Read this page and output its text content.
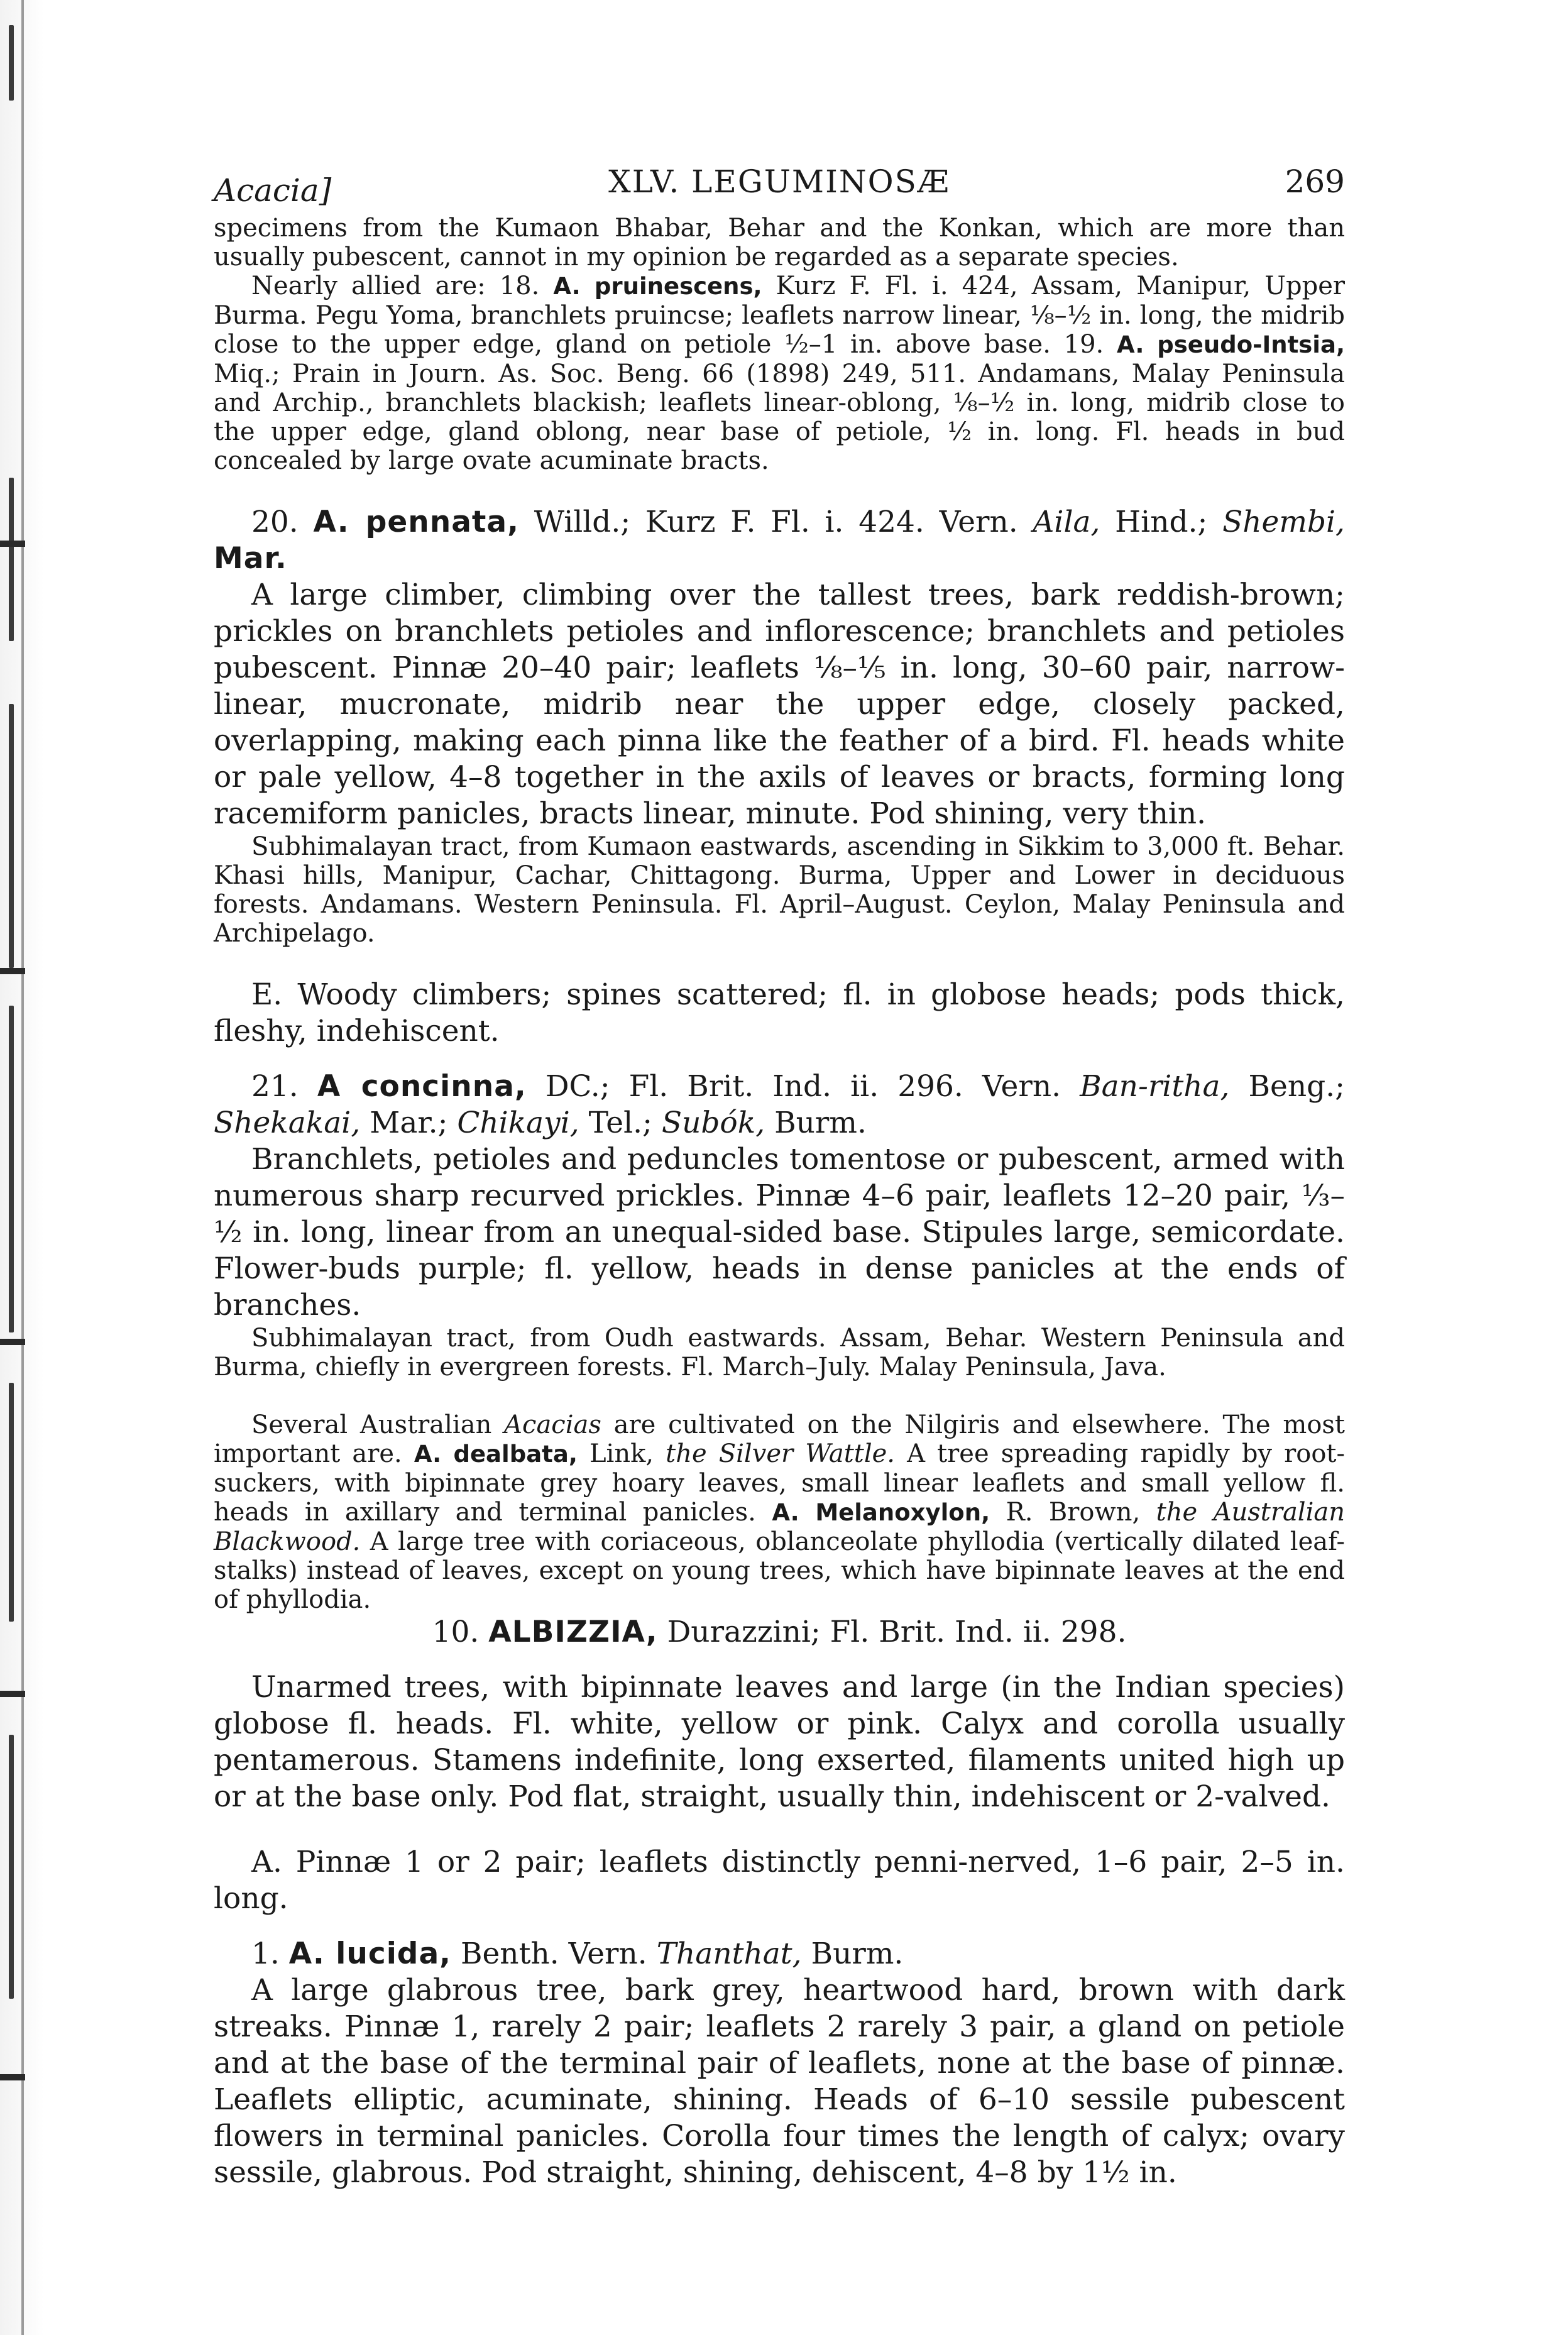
Acacia]	XLV. LEGUMINOSÆ	269

specimens from the Kumaon Bhabar, Behar and the Konkan, which are more than usually pubescent, cannot in my opinion be regarded as a separate species.

Nearly allied are: 18. A. pruinescens, Kurz F. Fl. i. 424, Assam, Manipur, Upper Burma. Pegu Yoma, branchlets pruincse; leaflets narrow linear, ⅛–½ in. long, the midrib close to the upper edge, gland on petiole ½–1 in. above base. 19. A. pseudo-Intsia, Miq.; Prain in Journ. As. Soc. Beng. 66 (1898) 249, 511. Andamans, Malay Peninsula and Archip., branchlets blackish; leaflets linear-oblong, ⅛–½ in. long, midrib close to the upper edge, gland oblong, near base of petiole, ½ in. long. Fl. heads in bud concealed by large ovate acuminate bracts.

20. A. pennata, Willd.; Kurz F. Fl. i. 424. Vern. Aila, Hind.; Shembi, Mar.

A large climber, climbing over the tallest trees, bark reddish-brown; prickles on branchlets petioles and inflorescence; branchlets and petioles pubescent. Pinnæ 20–40 pair; leaflets ⅛–⅕ in. long, 30–60 pair, narrow-linear, mucronate, midrib near the upper edge, closely packed, overlapping, making each pinna like the feather of a bird. Fl. heads white or pale yellow, 4–8 together in the axils of leaves or bracts, forming long racemiform panicles, bracts linear, minute. Pod shining, very thin.

Subhimalayan tract, from Kumaon eastwards, ascending in Sikkim to 3,000 ft. Behar. Khasi hills, Manipur, Cachar, Chittagong. Burma, Upper and Lower in deciduous forests. Andamans. Western Peninsula. Fl. April–August. Ceylon, Malay Peninsula and Archipelago.

E. Woody climbers; spines scattered; fl. in globose heads; pods thick, fleshy, indehiscent.

21. A concinna, DC.; Fl. Brit. Ind. ii. 296. Vern. Ban-ritha, Beng.; Shekakai, Mar.; Chikayi, Tel.; Subók, Burm.

Branchlets, petioles and peduncles tomentose or pubescent, armed with numerous sharp recurved prickles. Pinnæ 4–6 pair, leaflets 12–20 pair, ⅓–½ in. long, linear from an unequal-sided base. Stipules large, semicordate. Flower-buds purple; fl. yellow, heads in dense panicles at the ends of branches.

Subhimalayan tract, from Oudh eastwards. Assam, Behar. Western Peninsula and Burma, chiefly in evergreen forests. Fl. March–July. Malay Peninsula, Java.

Several Australian Acacias are cultivated on the Nilgiris and elsewhere. The most important are. A. dealbata, Link, the Silver Wattle. A tree spreading rapidly by root-suckers, with bipinnate grey hoary leaves, small linear leaflets and small yellow fl. heads in axillary and terminal panicles. A. Melanoxylon, R. Brown, the Australian Blackwood. A large tree with coriaceous, oblanceolate phyllodia (vertically dilated leaf-stalks) instead of leaves, except on young trees, which have bipinnate leaves at the end of phyllodia.

10. ALBIZZIA, Durazzini; Fl. Brit. Ind. ii. 298.

Unarmed trees, with bipinnate leaves and large (in the Indian species) globose fl. heads. Fl. white, yellow or pink. Calyx and corolla usually pentamerous. Stamens indefinite, long exserted, filaments united high up or at the base only. Pod flat, straight, usually thin, indehiscent or 2-valved.

A. Pinnæ 1 or 2 pair; leaflets distinctly penni-nerved, 1–6 pair, 2–5 in. long.

1. A. lucida, Benth. Vern. Thanthat, Burm.

A large glabrous tree, bark grey, heartwood hard, brown with dark streaks. Pinnæ 1, rarely 2 pair; leaflets 2 rarely 3 pair, a gland on petiole and at the base of the terminal pair of leaflets, none at the base of pinnæ. Leaflets elliptic, acuminate, shining. Heads of 6–10 sessile pubescent flowers in terminal panicles. Corolla four times the length of calyx; ovary sessile, glabrous. Pod straight, shining, dehiscent, 4–8 by 1½ in.
